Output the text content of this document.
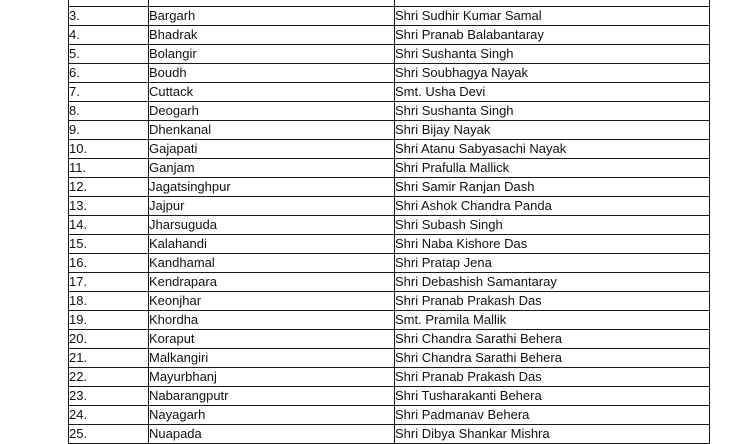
3.	Bargarh	Shri Sudhir Kumar Samal
4.	Bhadrak	Shri Pranab Balabantaray
5.	Bolangir	Shri Sushanta Singh
6.	Boudh	Shri Soubhagya Nayak
7.	Cuttack	Smt. Usha Devi
8.	Deogarh	Shri Sushanta Singh
9.	Dhenkanal	Shri Bijay Nayak
10.	Gajapati	Shri Atanu Sabyasachi Nayak
11.	Ganjam	Shri Prafulla Mallick
12.	Jagatsinghpur	Shri Samir Ranjan Dash
13.	Jajpur	Shri Ashok Chandra Panda
14.	Jharsuguda	Shri Subash Singh
15.	Kalahandi	Shri Naba Kishore Das
16.	Kandhamal	Shri Pratap Jena
17.	Kendrapara	Shri Debashish Samantaray
18.	Keonjhar	Shri Pranab Prakash Das
19.	Khordha	Smt. Pramila Mallik
20.	Koraput	Shri Chandra Sarathi Behera
21.	Malkangiri	Shri Chandra Sarathi Behera
22.	Mayurbhanj	Shri Pranab Prakash Das
23.	Nabarangputr	Shri Tusharakanti Behera
24.	Nayagarh	Shri Padmanav Behera
25.	Nuapada	Shri Dibya Shankar Mishra
